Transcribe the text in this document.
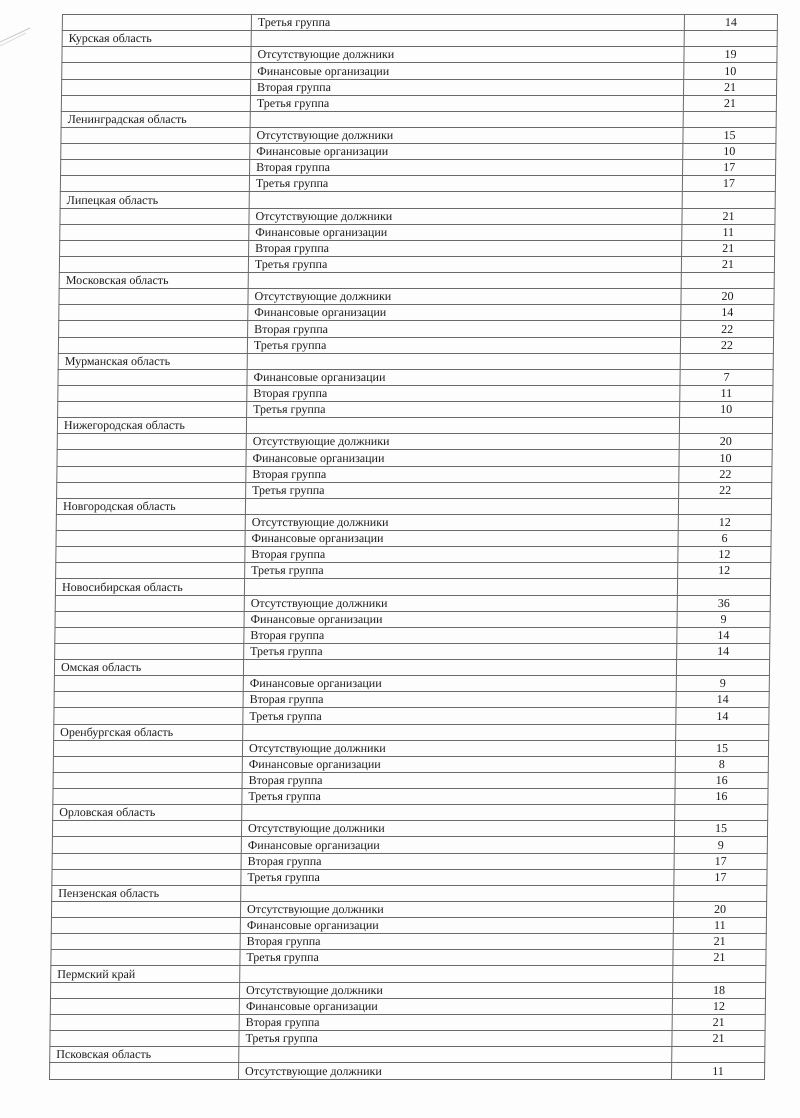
	Третья группа	14
Курская область		
	Отсутствующие должники	19
	Финансовые организации	10
	Вторая группа	21
	Третья группа	21
Ленинградская область		
	Отсутствующие должники	15
	Финансовые организации	10
	Вторая группа	17
	Третья группа	17
Липецкая область		
	Отсутствующие должники	21
	Финансовые организации	11
	Вторая группа	21
	Третья группа	21
Московская область		
	Отсутствующие должники	20
	Финансовые организации	14
	Вторая группа	22
	Третья группа	22
Мурманская область		
	Финансовые организации	7
	Вторая группа	11
	Третья группа	10
Нижегородская область		
	Отсутствующие должники	20
	Финансовые организации	10
	Вторая группа	22
	Третья группа	22
Новгородская область		
	Отсутствующие должники	12
	Финансовые организации	6
	Вторая группа	12
	Третья группа	12
Новосибирская область		
	Отсутствующие должники	36
	Финансовые организации	9
	Вторая группа	14
	Третья группа	14
Омская область		
	Финансовые организации	9
	Вторая группа	14
	Третья группа	14
Оренбургская область		
	Отсутствующие должники	15
	Финансовые организации	8
	Вторая группа	16
	Третья группа	16
Орловская область		
	Отсутствующие должники	15
	Финансовые организации	9
	Вторая группа	17
	Третья группа	17
Пензенская область		
	Отсутствующие должники	20
	Финансовые организации	11
	Вторая группа	21
	Третья группа	21
Пермский край		
	Отсутствующие должники	18
	Финансовые организации	12
	Вторая группа	21
	Третья группа	21
Псковская область		
	Отсутствующие должники	11
